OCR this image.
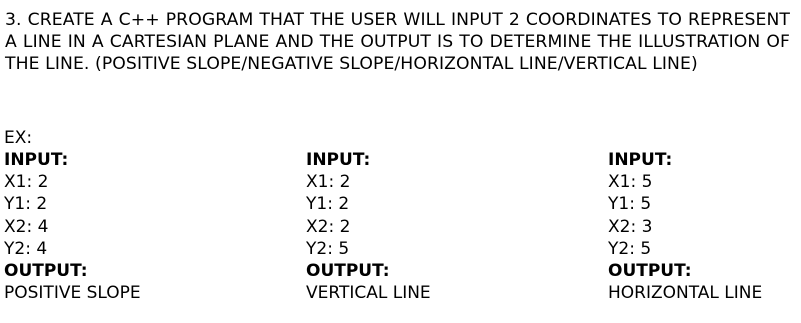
3. CREATE A C++ PROGRAM THAT THE USER WILL INPUT 2 COORDINATES TO REPRESENT A LINE IN A CARTESIAN PLANE AND THE OUTPUT IS TO DETERMINE THE ILLUSTRATION OF THE LINE. (POSITIVE SLOPE/NEGATIVE SLOPE/HORIZONTAL LINE/VERTICAL LINE)

EX:

INPUT:
X1: 2
Y1: 2
X2: 4
Y2: 4
OUTPUT:
POSITIVE SLOPE
INPUT:
X1: 2
Y1: 2
X2: 2
Y2: 5
OUTPUT:
VERTICAL LINE
INPUT:
X1: 5
Y1: 5
X2: 3
Y2: 5
OUTPUT:
HORIZONTAL LINE
